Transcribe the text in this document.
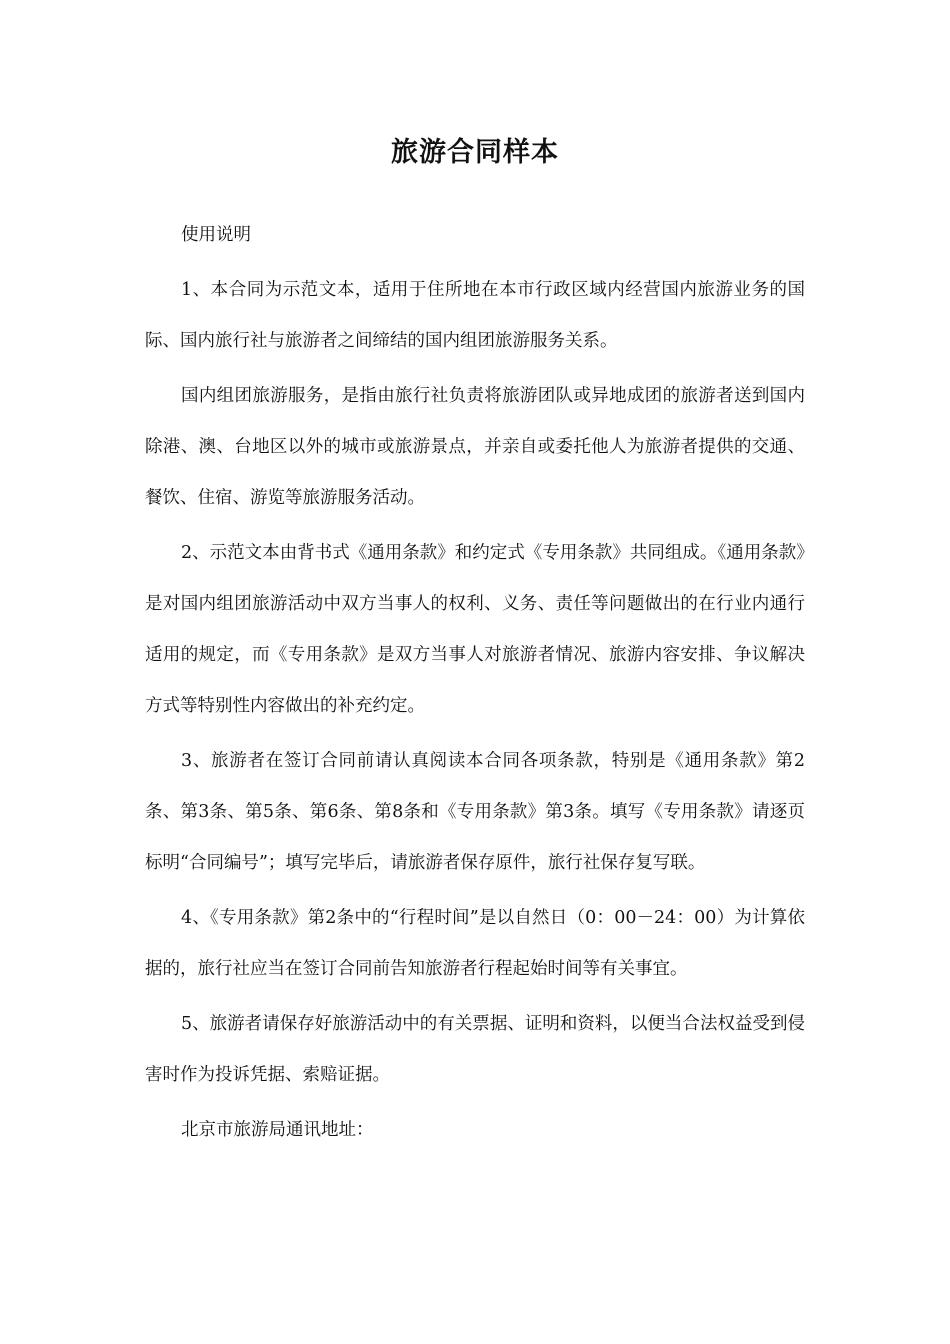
旅游合同样本

使用说明

1、本合同为示范文本，适用于住所地在本市行政区域内经营国内旅游业务的国际、国内旅行社与旅游者之间缔结的国内组团旅游服务关系。

国内组团旅游服务，是指由旅行社负责将旅游团队或异地成团的旅游者送到国内除港、澳、台地区以外的城市或旅游景点，并亲自或委托他人为旅游者提供的交通、餐饮、住宿、游览等旅游服务活动。

2、示范文本由背书式《通用条款》和约定式《专用条款》共同组成。《通用条款》是对国内组团旅游活动中双方当事人的权利、义务、责任等问题做出的在行业内通行适用的规定，而《专用条款》是双方当事人对旅游者情况、旅游内容安排、争议解决方式等特别性内容做出的补充约定。

3、旅游者在签订合同前请认真阅读本合同各项条款，特别是《通用条款》第2条、第3条、第5条、第6条、第8条和《专用条款》第3条。填写《专用条款》请逐页标明“合同编号”；填写完毕后，请旅游者保存原件，旅行社保存复写联。

4、《专用条款》第2条中的“行程时间”是以自然日（0：00－24：00）为计算依据的，旅行社应当在签订合同前告知旅游者行程起始时间等有关事宜。

5、旅游者请保存好旅游活动中的有关票据、证明和资料，以便当合法权益受到侵害时作为投诉凭据、索赔证据。

北京市旅游局通讯地址：
